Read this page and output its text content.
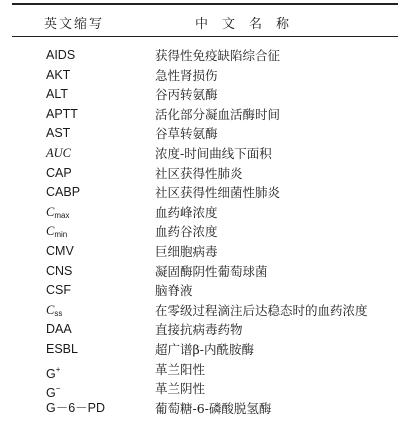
英文缩写	中文名称
AIDS	获得性免疫缺陷综合征
AKT	急性肾损伤
ALT	谷丙转氨酶
APTT	活化部分凝血活酶时间
AST	谷草转氨酶
AUC	浓度-时间曲线下面积
CAP	社区获得性肺炎
CABP	社区获得性细菌性肺炎
$C_{max}$	血药峰浓度
$C_{min}$	血药谷浓度
CMV	巨细胞病毒
CNS	凝固酶阴性葡萄球菌
CSF	脑脊液
$C_{ss}$	在零级过程滴注后达稳态时的血药浓度
DAA	直接抗病毒药物
ESBL	超广谱β-内酰胺酶
G+	革兰阳性
G−	革兰阴性
G－6－PD	葡萄糖-6-磷酸脱氢酶
